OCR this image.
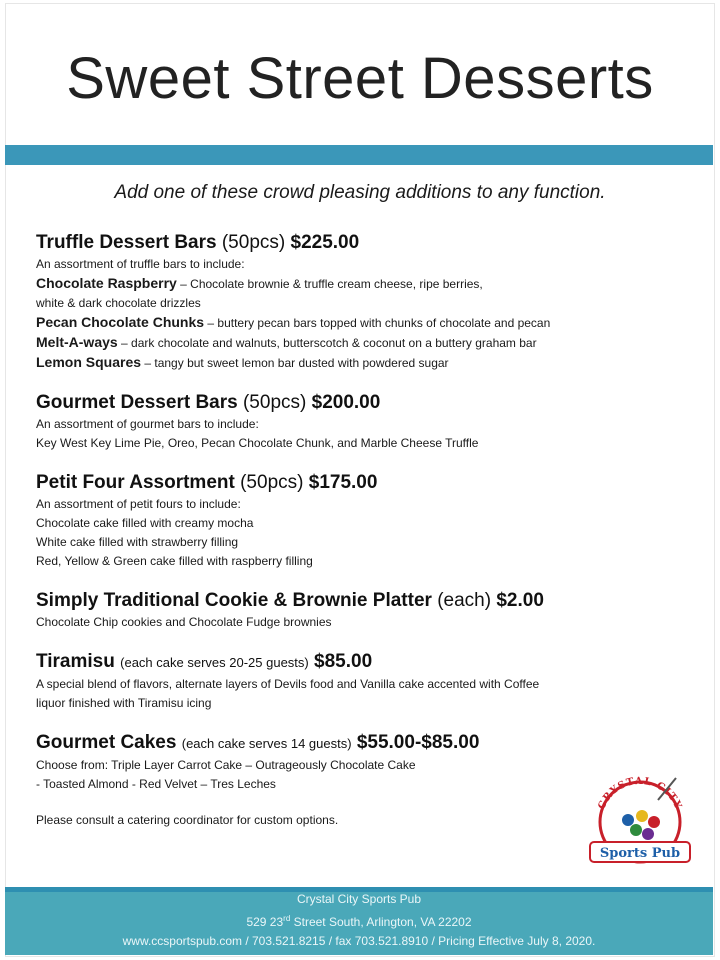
Sweet Street Desserts
Add one of these crowd pleasing additions to any function.
Truffle Dessert Bars (50pcs) $225.00
An assortment of truffle bars to include:
Chocolate Raspberry – Chocolate brownie & truffle cream cheese, ripe berries,
white & dark chocolate drizzles
Pecan Chocolate Chunks – buttery pecan bars topped with chunks of chocolate and pecan
Melt-A-ways – dark chocolate and walnuts, butterscotch & coconut on a buttery graham bar
Lemon Squares – tangy but sweet lemon bar dusted with powdered sugar
Gourmet Dessert Bars (50pcs) $200.00
An assortment of gourmet bars to include:
Key West Key Lime Pie, Oreo, Pecan Chocolate Chunk, and Marble Cheese Truffle
Petit Four Assortment (50pcs) $175.00
An assortment of petit fours to include:
Chocolate cake filled with creamy mocha
White cake filled with strawberry filling
Red, Yellow & Green cake filled with raspberry filling
Simply Traditional Cookie & Brownie Platter (each) $2.00
Chocolate Chip cookies and Chocolate Fudge brownies
Tiramisu (each cake serves 20-25 guests) $85.00
A special blend of flavors, alternate layers of Devils food and Vanilla cake accented with Coffee
liquor finished with Tiramisu icing
Gourmet Cakes (each cake serves 14 guests) $55.00-$85.00
Choose from: Triple Layer Carrot Cake – Outrageously Chocolate Cake
- Toasted Almond - Red Velvet – Tres Leches
Please consult a catering coordinator for custom options.
CRYSTAL CITY
Sports Pub
Crystal City Sports Pub
529 23rd Street South, Arlington, VA 22202
www.ccsportspub.com / 703.521.8215 / fax 703.521.8910 / Pricing Effective July 8, 2020.
